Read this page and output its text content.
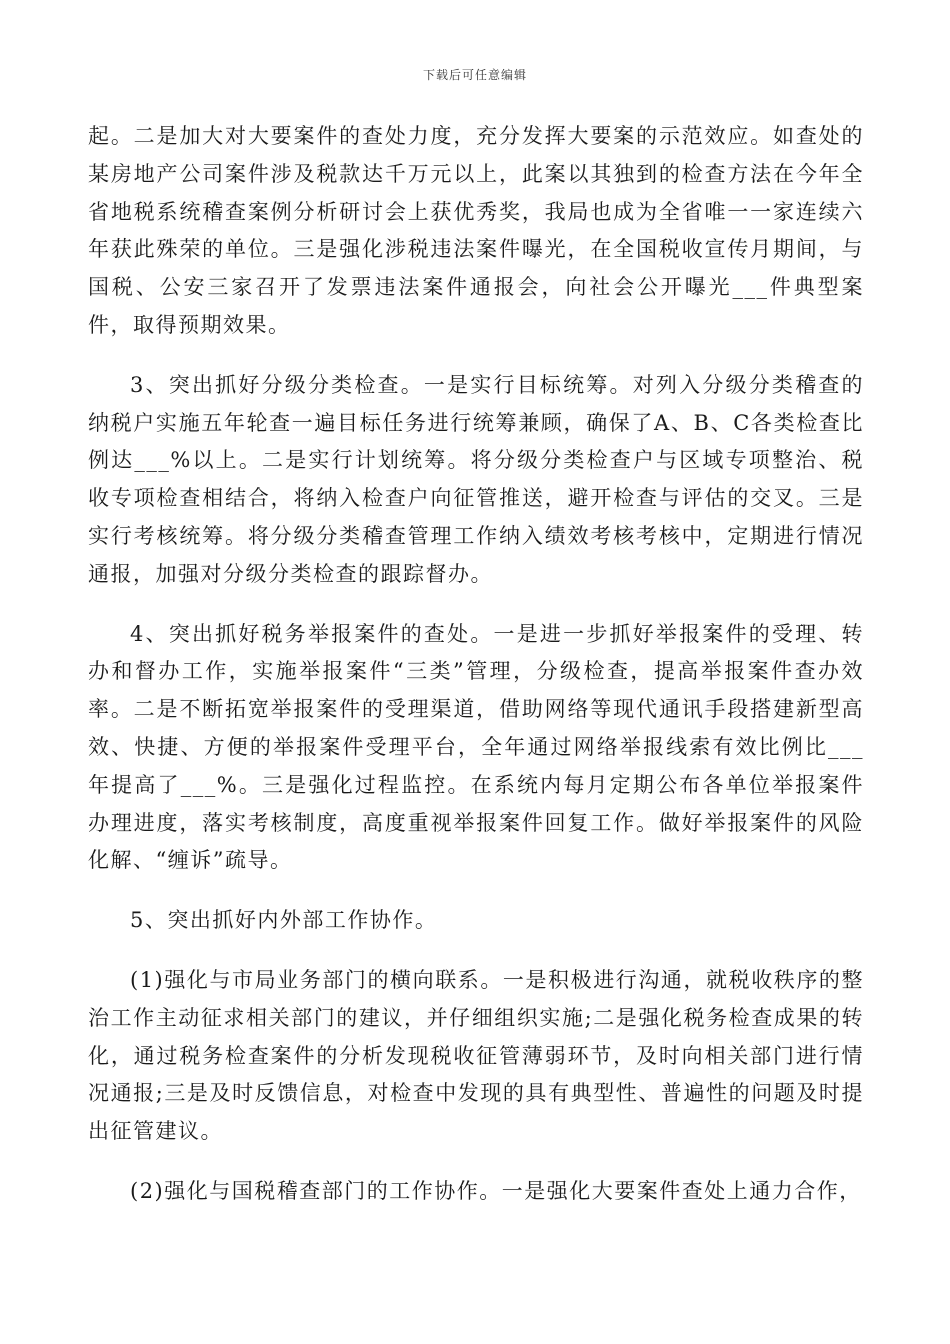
下载后可任意编辑

起。二是加大对大要案件的查处力度，充分发挥大要案的示范效应。如查处的某房地产公司案件涉及税款达千万元以上，此案以其独到的检查方法在今年全省地税系统稽查案例分析研讨会上获优秀奖，我局也成为全省唯一一家连续六年获此殊荣的单位。三是强化涉税违法案件曝光，在全国税收宣传月期间，与国税、公安三家召开了发票违法案件通报会，向社会公开曝光___件典型案件，取得预期效果。

3、突出抓好分级分类检查。一是实行目标统筹。对列入分级分类稽查的纳税户实施五年轮查一遍目标任务进行统筹兼顾，确保了A、B、C各类检查比例达___%以上。二是实行计划统筹。将分级分类检查户与区域专项整治、税收专项检查相结合，将纳入检查户向征管推送，避开检查与评估的交叉。三是实行考核统筹。将分级分类稽查管理工作纳入绩效考核考核中，定期进行情况通报，加强对分级分类检查的跟踪督办。

4、突出抓好税务举报案件的查处。一是进一步抓好举报案件的受理、转办和督办工作，实施举报案件“三类”管理，分级检查，提高举报案件查办效率。二是不断拓宽举报案件的受理渠道，借助网络等现代通讯手段搭建新型高效、快捷、方便的举报案件受理平台，全年通过网络举报线索有效比例比___年提高了___%。三是强化过程监控。在系统内每月定期公布各单位举报案件办理进度，落实考核制度，高度重视举报案件回复工作。做好举报案件的风险化解、“缠诉”疏导。

5、突出抓好内外部工作协作。

(1)强化与市局业务部门的横向联系。一是积极进行沟通，就税收秩序的整治工作主动征求相关部门的建议，并仔细组织实施;二是强化税务检查成果的转化，通过税务检查案件的分析发现税收征管薄弱环节，及时向相关部门进行情况通报;三是及时反馈信息，对检查中发现的具有典型性、普遍性的问题及时提出征管建议。

(2)强化与国税稽查部门的工作协作。一是强化大要案件查处上通力合作，
